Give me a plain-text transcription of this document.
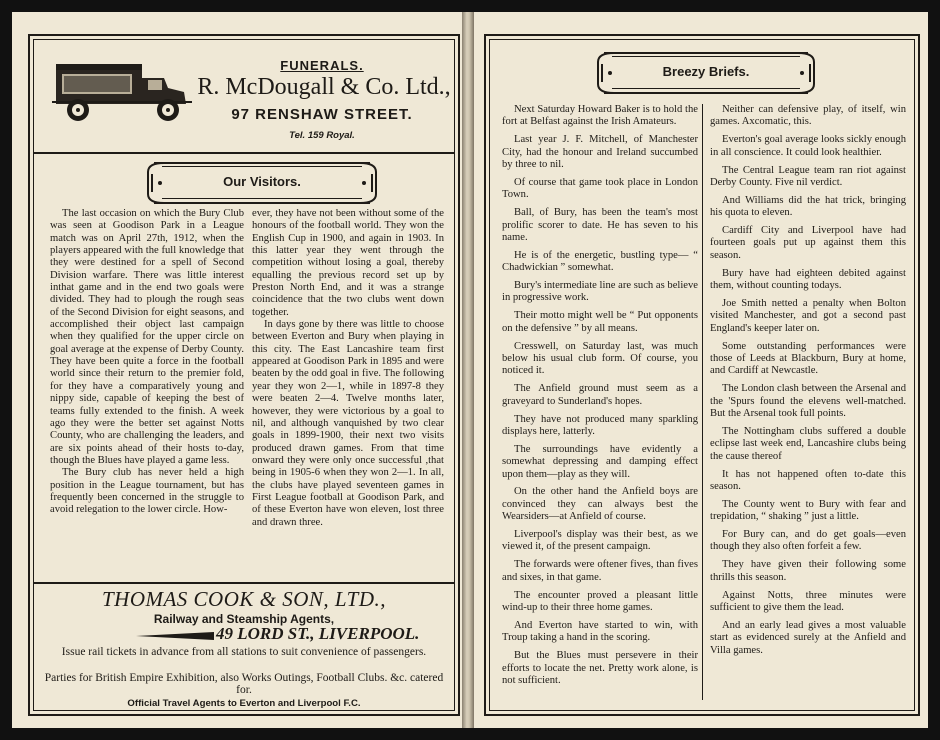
FUNERALS.
R. McDougall & Co. Ltd.,
97 RENSHAW STREET.
Tel. 159 Royal.
Our Visitors.

The last occasion on which the Bury Club was seen at Goodison Park in a League match was on April 27th, 1912, when the players appeared with the full knowledge that they were destined for a spell of Second Division warfare. There was little interest inthat game and in the end two goals were divided. They had to plough the rough seas of the Second Division for eight seasons, and accomplished their object last campaign when they qualified for the upper circle on goal average at the expense of Derby County. They have been quite a force in the football world since their return to the premier fold, for they have a comparatively young and nippy side, capable of keeping the best of teams fully extended to the finish. A week ago they were the better set against Notts County, who are challenging the leaders, and are six points ahead of their hosts to-day, though the Blues have played a game less.

The Bury club has never held a high position in the League tournament, but has frequently been concerned in the struggle to avoid relegation to the lower circle. How-

ever, they have not been without some of the honours of the football world. They won the English Cup in 1900, and again in 1903. In this latter year they went through the competition without losing a goal, thereby equalling the previous record set up by Preston North End, and it was a strange coincidence that the two clubs went down together.

In days gone by there was little to choose between Everton and Bury when playing in this city. The East Lancashire team first appeared at Goodison Park in 1895 and were beaten by the odd goal in five. The following year they won 2—1, while in 1897-8 they were beaten 2—4. Twelve months later, however, they were victorious by a goal to nil, and although vanquished by two clear goals in 1899-1900, their next two visits produced drawn games. From that time onward they were only once successful ,that being in 1905-6 when they won 2—1. In all, the clubs have played seventeen games in First League football at Goodison Park, and of these Everton have won eleven, lost three and drawn three.

THOMAS COOK & SON, LTD.,
Railway and Steamship Agents,
49 LORD ST., LIVERPOOL.
Issue rail tickets in advance from all stations to suit convenience of passengers.
Parties for British Empire Exhibition, also Works Outings, Football Clubs. &c. catered for.
Official Travel Agents to Everton and Liverpool F.C.
Breezy Briefs.

Next Saturday Howard Baker is to hold the fort at Belfast against the Irish Amateurs.

Last year J. F. Mitchell, of Manchester City, had the honour and Ireland succumbed by three to nil.

Of course that game took place in London Town.

Ball, of Bury, has been the team's most prolific scorer to date. He has seven to his name.

He is of the energetic, bustling type— “ Chadwickian ” somewhat.

Bury's intermediate line are such as believe in progressive work.

Their motto might well be “ Put opponents on the defensive ” by all means.

Cresswell, on Saturday last, was much below his usual club form. Of course, you noticed it.

The Anfield ground must seem as a graveyard to Sunderland's hopes.

They have not produced many sparkling displays here, latterly.

The surroundings have evidently a somewhat depressing and damping effect upon them—play as they will.

On the other hand the Anfield boys are convinced they can always best the Wearsiders—at Anfield of course.

Liverpool's display was their best, as we viewed it, of the present campaign.

The forwards were oftener fives, than fives and sixes, in that game.

The encounter proved a pleasant little wind-up to their three home games.

And Everton have started to win, with Troup taking a hand in the scoring.

But the Blues must persevere in their efforts to locate the net. Pretty work alone, is not sufficient.

Neither can defensive play, of itself, win games. Axcomatic, this.

Everton's goal average looks sickly enough in all conscience. It could look healthier.

The Central League team ran riot against Derby County. Five nil verdict.

And Williams did the hat trick, bringing his quota to eleven.

Cardiff City and Liverpool have had fourteen goals put up against them this season.

Bury have had eighteen debited against them, without counting todays.

Joe Smith netted a penalty when Bolton visited Manchester, and got a second past England's keeper later on.

Some outstanding performances were those of Leeds at Blackburn, Bury at home, and Cardiff at Newcastle.

The London clash between the Arsenal and the 'Spurs found the elevens well-matched. But the Arsenal took full points.

The Nottingham clubs suffered a double eclipse last week end, Lancashire clubs being the cause thereof

It has not happened often to-date this season.

The County went to Bury with fear and trepidation, “ shaking ” just a little.

For Bury can, and do get goals—even though they also often forfeit a few.

They have given their following some thrills this season.

Against Notts, three minutes were sufficient to give them the lead.

And an early lead gives a most valuable start as evidenced surely at the Anfield and Villa games.
